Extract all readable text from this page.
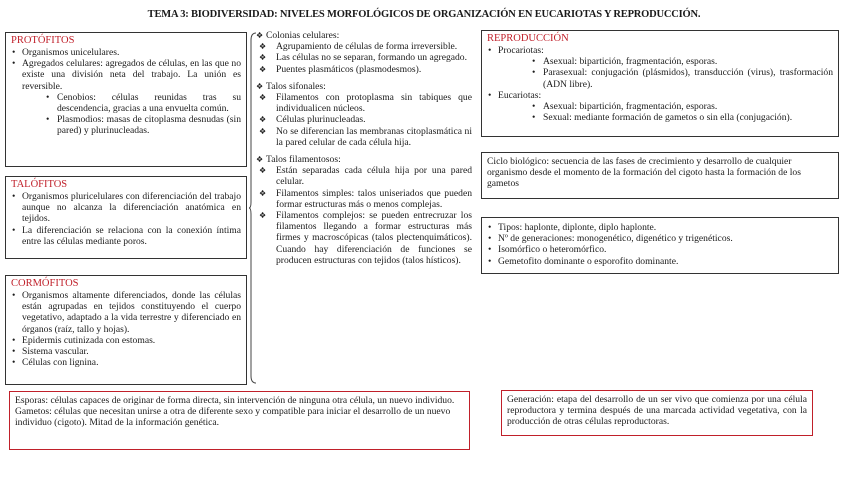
TEMA 3: BIODIVERSIDAD: NIVELES MORFOLÓGICOS DE ORGANIZACIÓN EN EUCARIOTAS Y REPRODUCCIÓN.
PROTÓFITOS
• Organismos unicelulares.
• Agregados celulares: agregados de células, en las que no existe una división neta del trabajo. La unión es reversible.
• Cenobios: células reunidas tras su descendencia, gracias a una envuelta común.
• Plasmodios: masas de citoplasma desnudas (sin pared) y plurinucleadas.
TALÓFITOS
• Organismos pluricelulares con diferenciación del trabajo aunque no alcanza la diferenciación anatómica en tejidos.
• La diferenciación se relaciona con la conexión íntima entre las células mediante poros.
CORMÓFITOS
• Organismos altamente diferenciados, donde las células están agrupadas en tejidos constituyendo el cuerpo vegetativo, adaptado a la vida terrestre y diferenciado en órganos (raíz, tallo y hojas).
• Epidermis cutinizada con estomas.
• Sistema vascular.
• Células con lignina.
❖ Colonias celulares:
❖ Agrupamiento de células de forma irreversible.
❖ Las células no se separan, formando un agregado.
❖ Puentes plasmáticos (plasmodesmos).
❖ Talos sifonales:
❖ Filamentos con protoplasma sin tabiques que individualicen núcleos.
❖ Células plurinucleadas.
❖ No se diferencian las membranas citoplasmática ni la pared celular de cada célula hija.
❖ Talos filamentosos:
❖ Están separadas cada célula hija por una pared celular.
❖ Filamentos simples: talos uniseriados que pueden formar estructuras más o menos complejas.
❖ Filamentos complejos: se pueden entrecruzar los filamentos llegando a formar estructuras más firmes y macroscópicas (talos plectenquimáticos). Cuando hay diferenciación de funciones se producen estructuras con tejidos (talos hísticos).
REPRODUCCIÓN
• Procariotas:
• Asexual: bipartición, fragmentación, esporas.
• Parasexual: conjugación (plásmidos), transducción (virus), trasformación (ADN libre).
• Eucariotas:
• Asexual: bipartición, fragmentación, esporas.
• Sexual: mediante formación de gametos o sin ella (conjugación).
Ciclo biológico: secuencia de las fases de crecimiento y desarrollo de cualquier organismo desde el momento de la formación del cigoto hasta la formación de los gametos
• Tipos: haplonte, diplonte, diplo haplonte.
• Nº de generaciones: monogenético, digenético y trigenéticos.
• Isomórfico o heteromórfico.
• Gemetofito dominante o esporofito dominante.
Esporas: células capaces de originar de forma directa, sin intervención de ninguna otra célula, un nuevo individuo.
Gametos: células que necesitan unirse a otra de diferente sexo y compatible para iniciar el desarrollo de un nuevo individuo (cigoto). Mitad de la información genética.
Generación: etapa del desarrollo de un ser vivo que comienza por una célula reproductora y termina después de una marcada actividad vegetativa, con la producción de otras células reproductoras.
